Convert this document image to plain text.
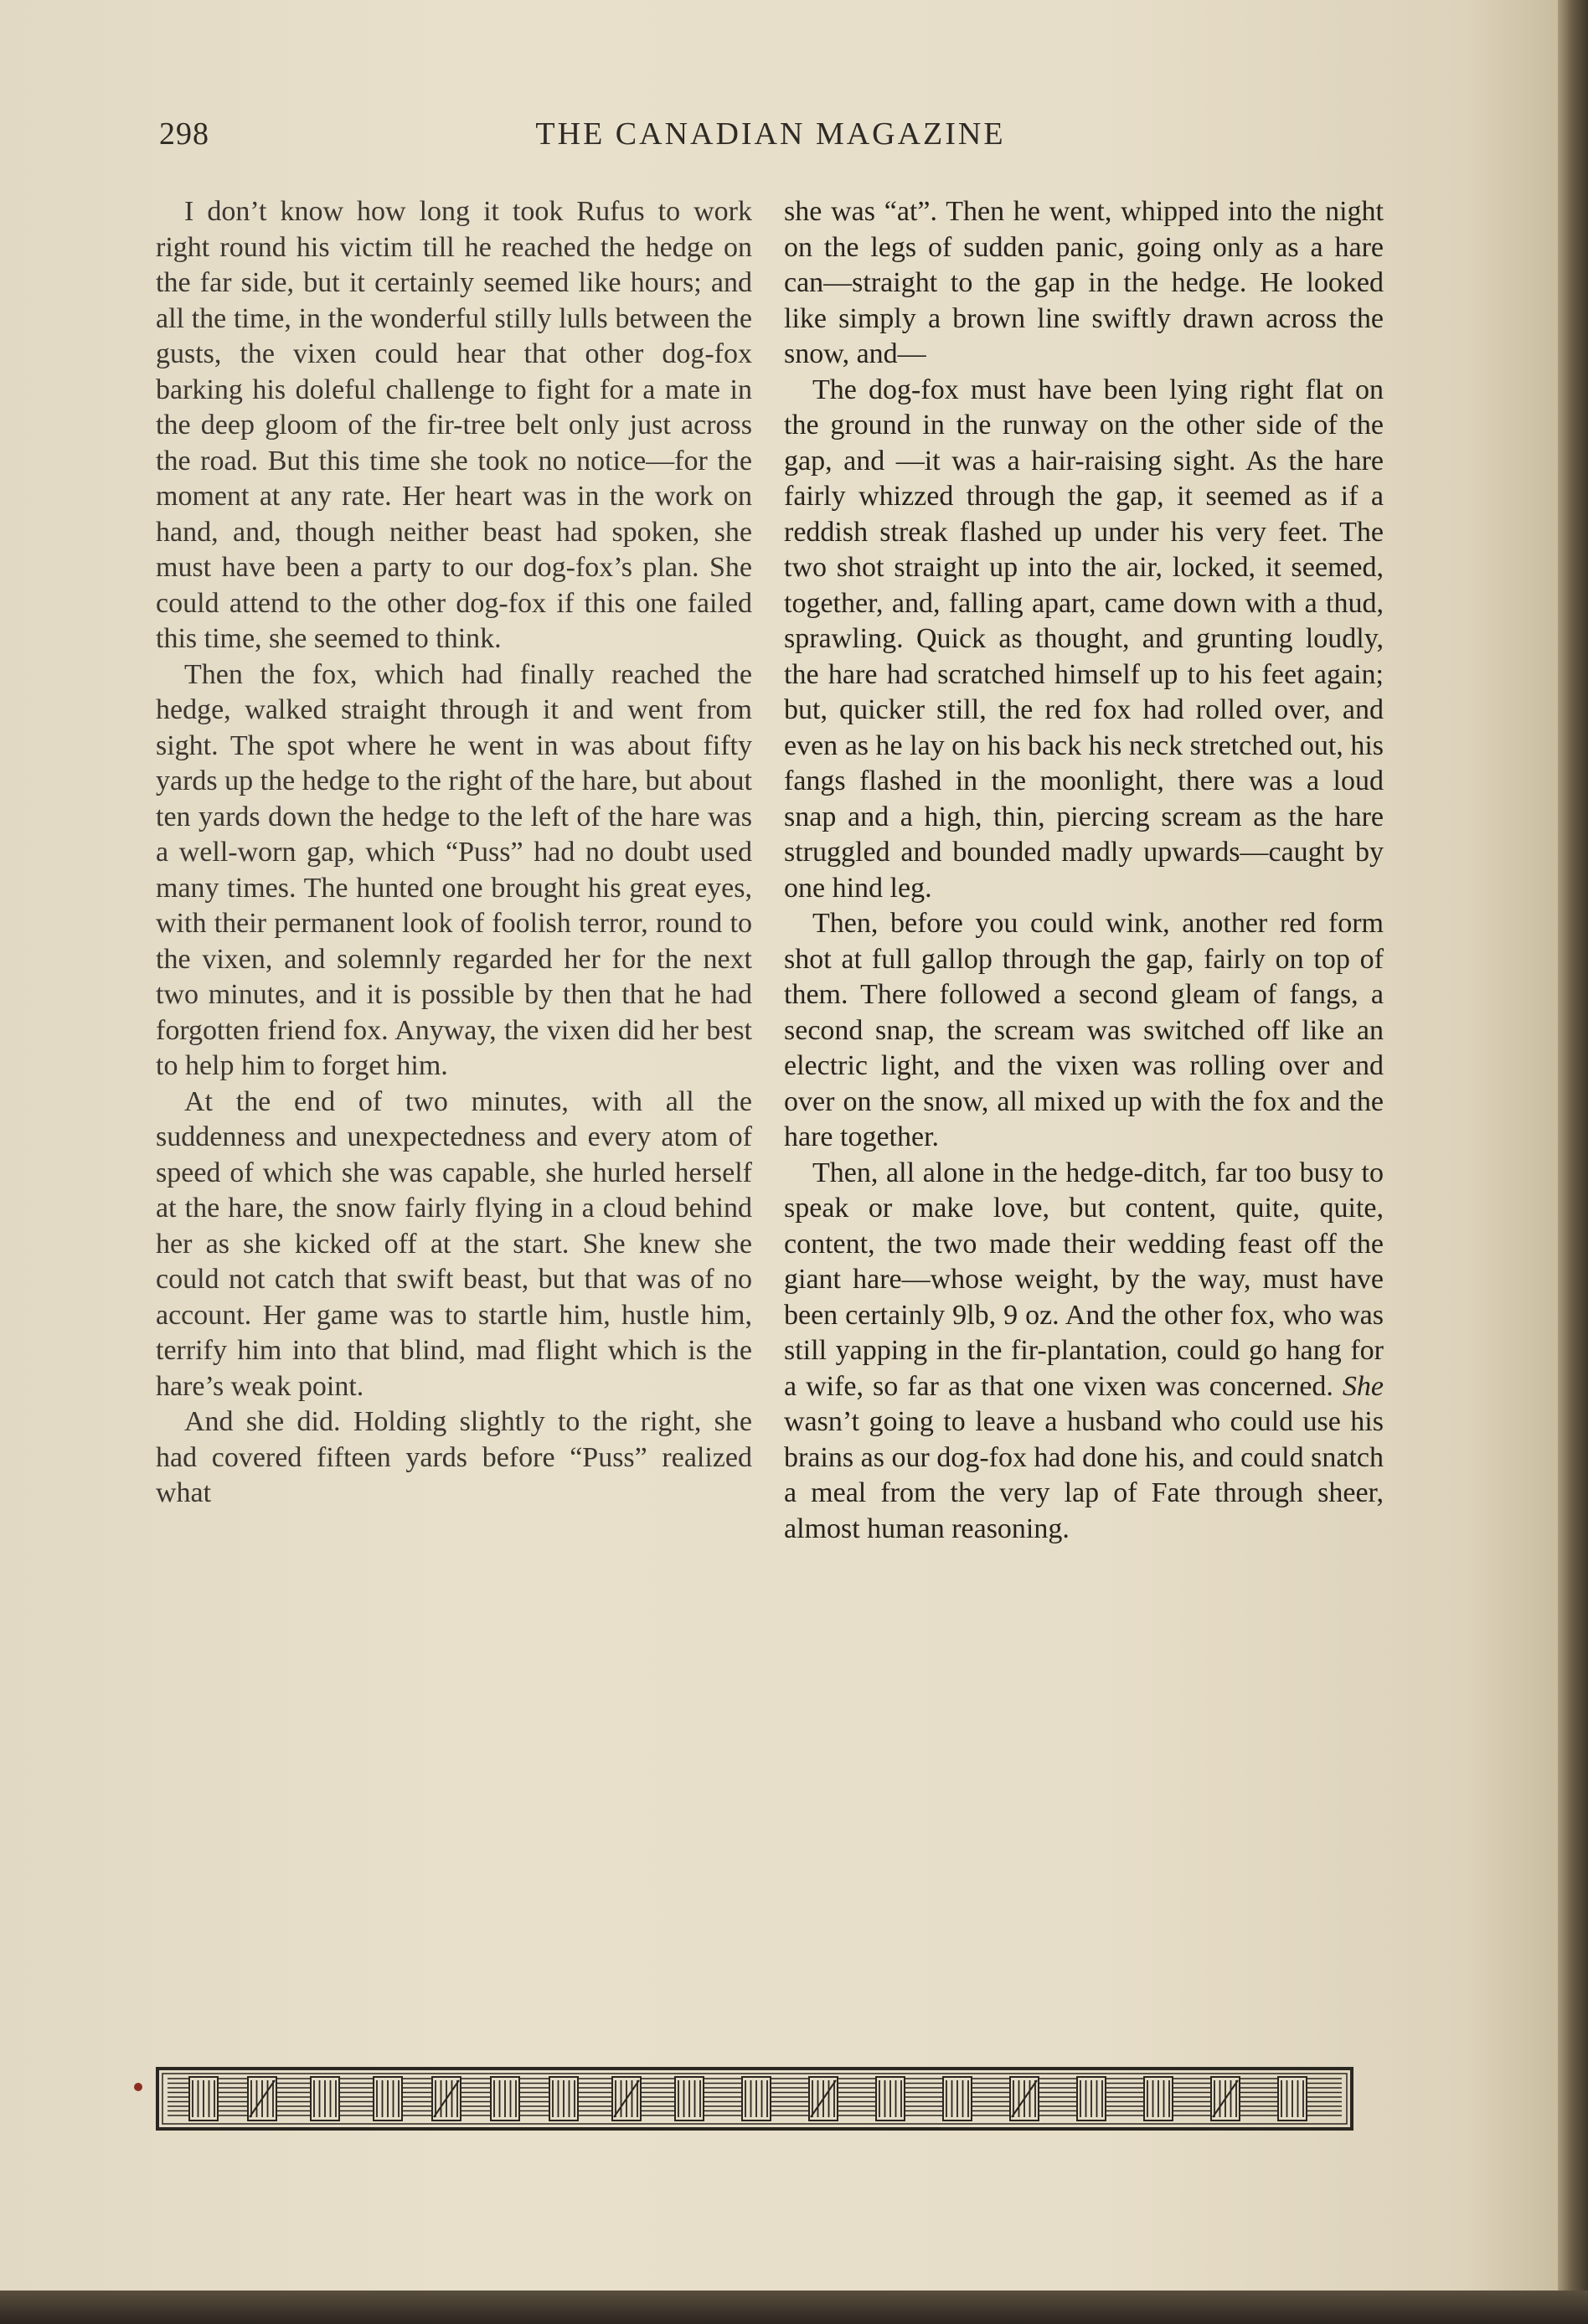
298	THE CANADIAN MAGAZINE

I don’t know how long it took Rufus to work right round his victim till he reached the hedge on the far side, but it certainly seemed like hours; and all the time, in the wonderful stilly lulls between the gusts, the vixen could hear that other dog-fox barking his doleful challenge to fight for a mate in the deep gloom of the fir-tree belt only just across the road. But this time she took no notice—for the moment at any rate. Her heart was in the work on hand, and, though neither beast had spoken, she must have been a party to our dog-fox’s plan. She could attend to the other dog-fox if this one failed this time, she seemed to think.

Then the fox, which had finally reached the hedge, walked straight through it and went from sight. The spot where he went in was about fifty yards up the hedge to the right of the hare, but about ten yards down the hedge to the left of the hare was a well-worn gap, which “Puss” had no doubt used many times. The hunted one brought his great eyes, with their permanent look of foolish terror, round to the vixen, and solemnly regarded her for the next two minutes, and it is possible by then that he had forgotten friend fox. Anyway, the vixen did her best to help him to forget him.

At the end of two minutes, with all the suddenness and unexpectedness and every atom of speed of which she was capable, she hurled herself at the hare, the snow fairly flying in a cloud behind her as she kicked off at the start. She knew she could not catch that swift beast, but that was of no account. Her game was to startle him, hustle him, terrify him into that blind, mad flight which is the hare’s weak point.

And she did. Holding slightly to the right, she had covered fifteen yards before “Puss” realized what

she was “at”. Then he went, whipped into the night on the legs of sudden panic, going only as a hare can—straight to the gap in the hedge. He looked like simply a brown line swiftly drawn across the snow, and—

The dog-fox must have been lying right flat on the ground in the runway on the other side of the gap, and —it was a hair-raising sight. As the hare fairly whizzed through the gap, it seemed as if a reddish streak flashed up under his very feet. The two shot straight up into the air, locked, it seemed, together, and, falling apart, came down with a thud, sprawling. Quick as thought, and grunting loudly, the hare had scratched himself up to his feet again; but, quicker still, the red fox had rolled over, and even as he lay on his back his neck stretched out, his fangs flashed in the moonlight, there was a loud snap and a high, thin, piercing scream as the hare struggled and bounded madly upwards—caught by one hind leg.

Then, before you could wink, another red form shot at full gallop through the gap, fairly on top of them. There followed a second gleam of fangs, a second snap, the scream was switched off like an electric light, and the vixen was rolling over and over on the snow, all mixed up with the fox and the hare together.

Then, all alone in the hedge-ditch, far too busy to speak or make love, but content, quite, quite, content, the two made their wedding feast off the giant hare—whose weight, by the way, must have been certainly 9lb, 9 oz. And the other fox, who was still yapping in the fir-plantation, could go hang for a wife, so far as that one vixen was concerned. She wasn’t going to leave a husband who could use his brains as our dog-fox had done his, and could snatch a meal from the very lap of Fate through sheer, almost human reasoning.
